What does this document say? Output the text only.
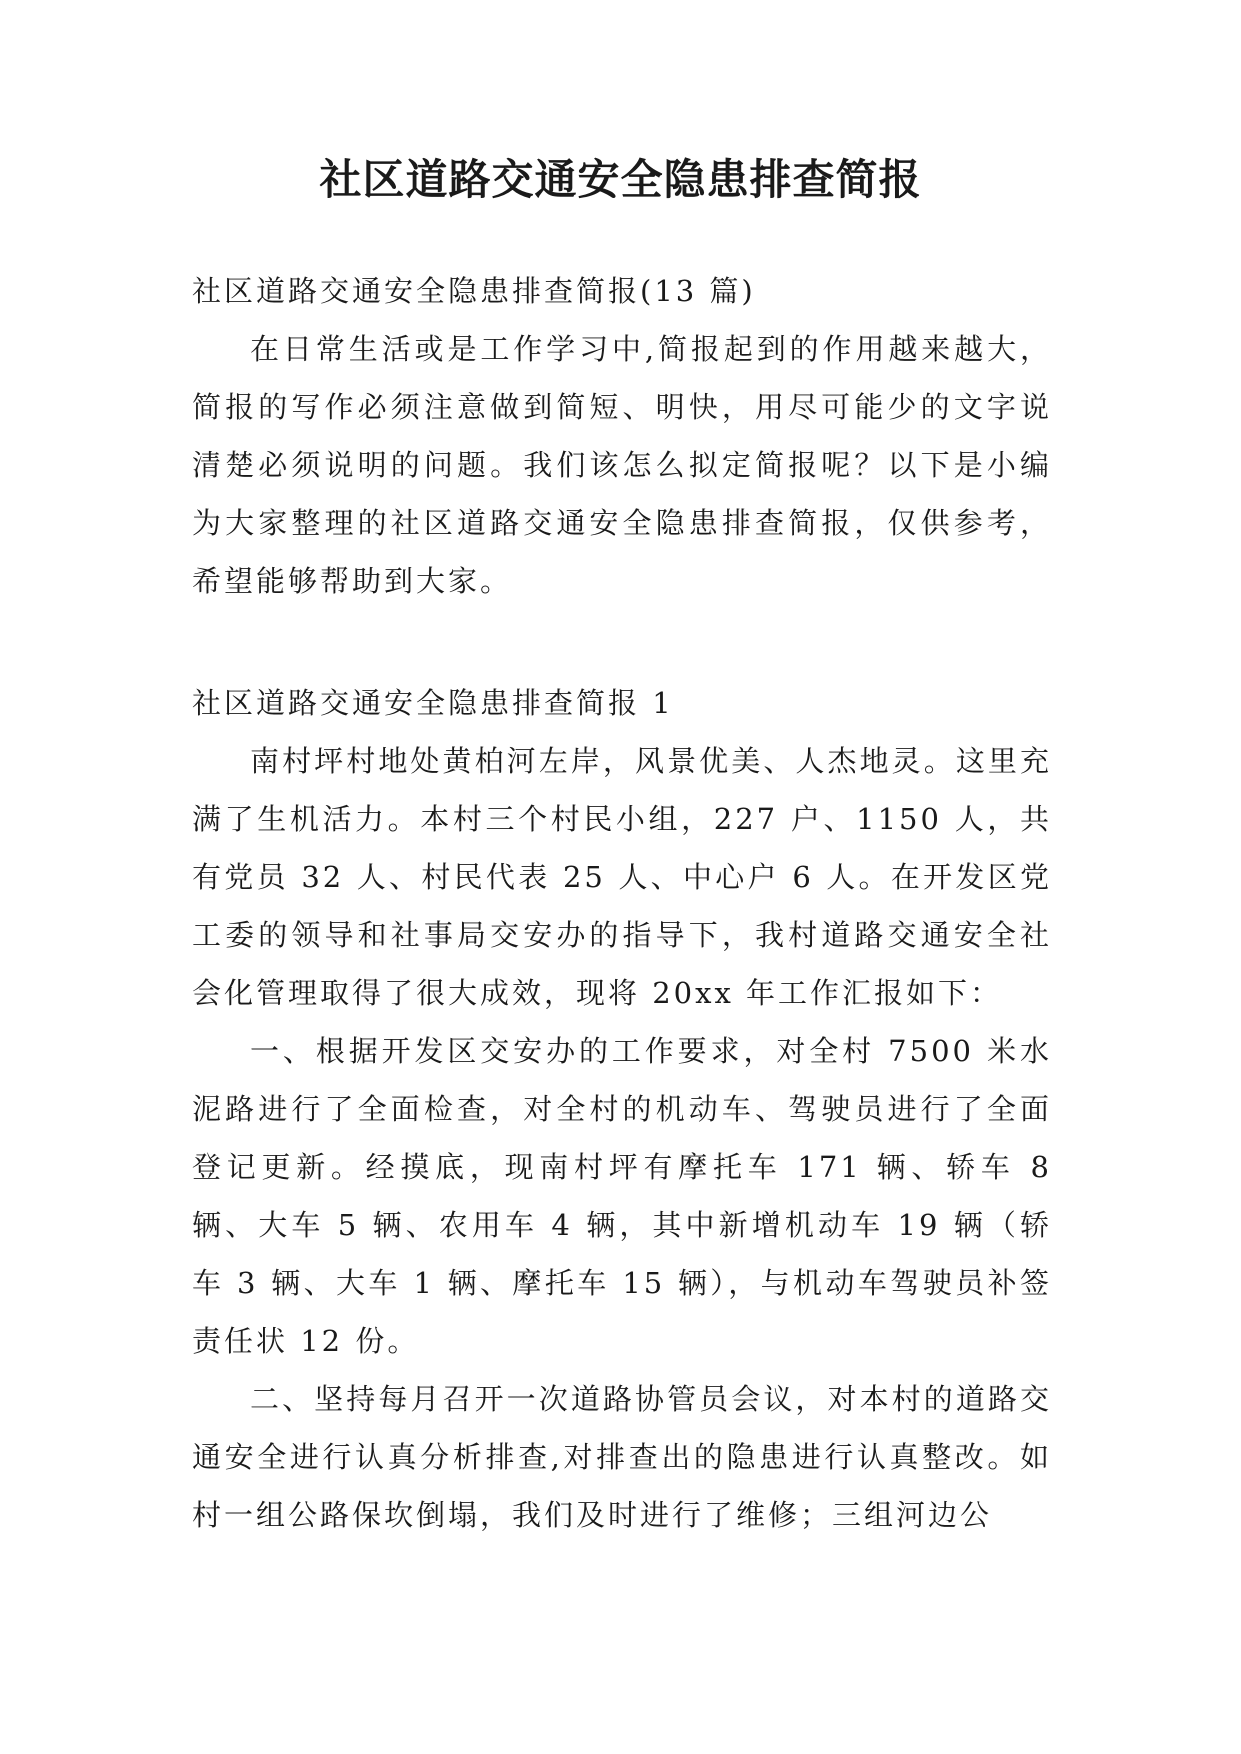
社区道路交通安全隐患排查简报

社区道路交通安全隐患排查简报(13 篇)

在日常生活或是工作学习中,简报起到的作用越来越大，简报的写作必须注意做到简短、明快，用尽可能少的文字说清楚必须说明的问题。我们该怎么拟定简报呢？以下是小编为大家整理的社区道路交通安全隐患排查简报，仅供参考，希望能够帮助到大家。

社区道路交通安全隐患排查简报 1

南村坪村地处黄柏河左岸，风景优美、人杰地灵。这里充满了生机活力。本村三个村民小组，227 户、1150 人，共有党员 32 人、村民代表 25 人、中心户 6 人。在开发区党工委的领导和社事局交安办的指导下，我村道路交通安全社会化管理取得了很大成效，现将 20xx 年工作汇报如下：

一、根据开发区交安办的工作要求，对全村 7500 米水泥路进行了全面检查，对全村的机动车、驾驶员进行了全面登记更新。经摸底，现南村坪有摩托车 171 辆、轿车 8 辆、大车 5 辆、农用车 4 辆，其中新增机动车 19 辆（轿车 3 辆、大车 1 辆、摩托车 15 辆），与机动车驾驶员补签责任状 12 份。

二、坚持每月召开一次道路协管员会议，对本村的道路交通安全进行认真分析排查,对排查出的隐患进行认真整改。如村一组公路保坎倒塌，我们及时进行了维修；三组河边公
